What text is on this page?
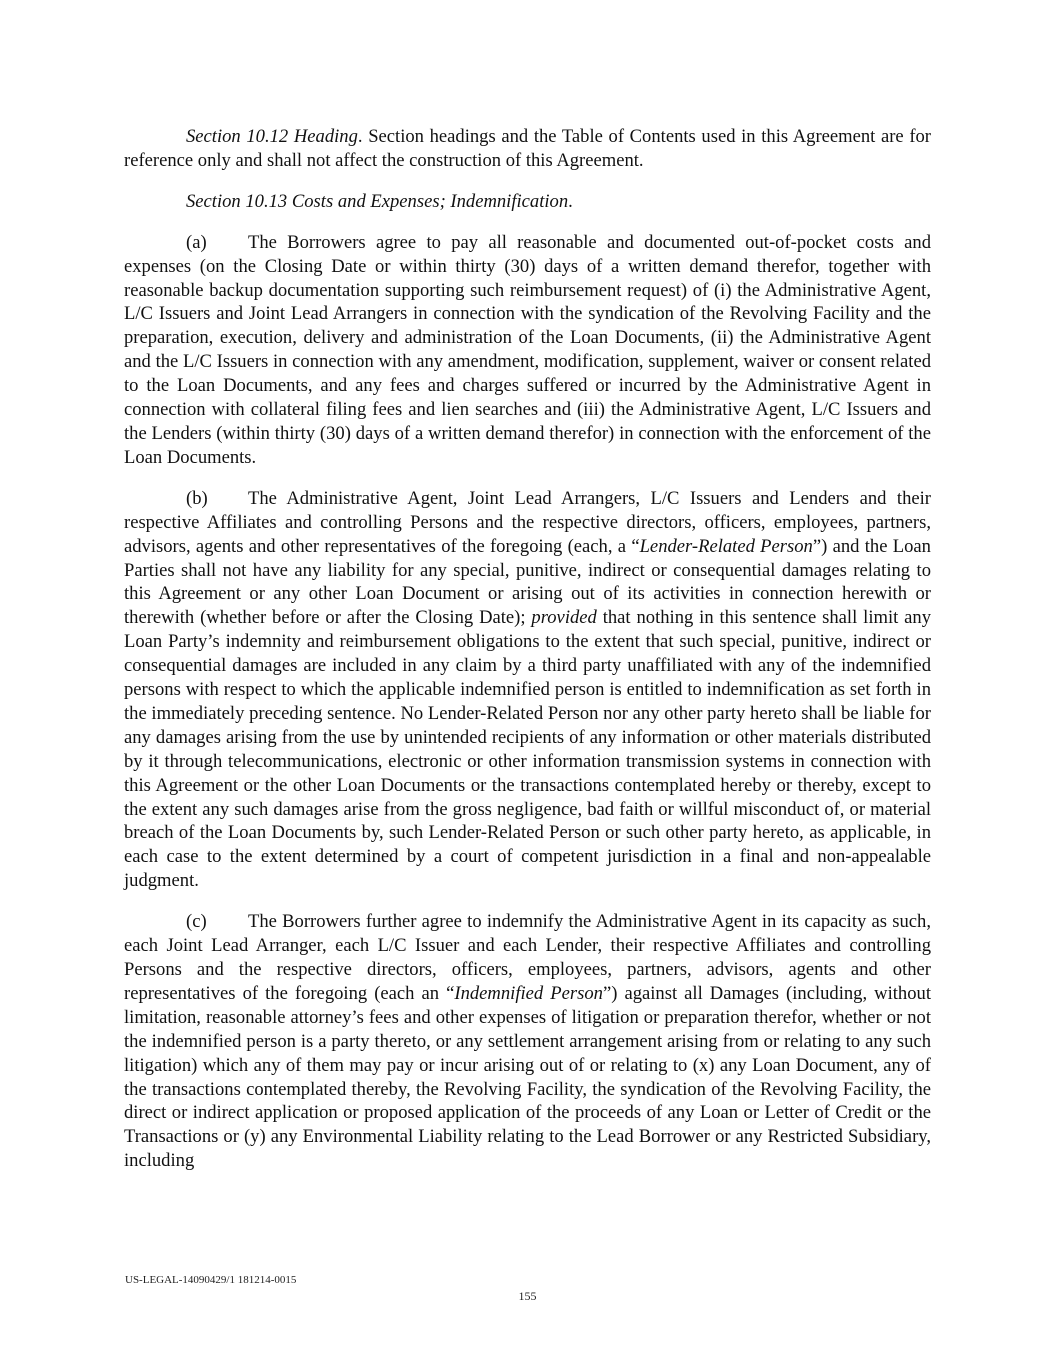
Section 10.12 Heading. Section headings and the Table of Contents used in this Agreement are for reference only and shall not affect the construction of this Agreement.

Section 10.13 Costs and Expenses; Indemnification.

(a) The Borrowers agree to pay all reasonable and documented out-of-pocket costs and expenses (on the Closing Date or within thirty (30) days of a written demand therefor, together with reasonable backup documentation supporting such reimbursement request) of (i) the Administrative Agent, L/C Issuers and Joint Lead Arrangers in connection with the syndication of the Revolving Facility and the preparation, execution, delivery and administration of the Loan Documents, (ii) the Administrative Agent and the L/C Issuers in connection with any amendment, modification, supplement, waiver or consent related to the Loan Documents, and any fees and charges suffered or incurred by the Administrative Agent in connection with collateral filing fees and lien searches and (iii) the Administrative Agent, L/C Issuers and the Lenders (within thirty (30) days of a written demand therefor) in connection with the enforcement of the Loan Documents.

(b) The Administrative Agent, Joint Lead Arrangers, L/C Issuers and Lenders and their respective Affiliates and controlling Persons and the respective directors, officers, employees, partners, advisors, agents and other representatives of the foregoing (each, a “Lender-Related Person”) and the Loan Parties shall not have any liability for any special, punitive, indirect or consequential damages relating to this Agreement or any other Loan Document or arising out of its activities in connection herewith or therewith (whether before or after the Closing Date); provided that nothing in this sentence shall limit any Loan Party’s indemnity and reimbursement obligations to the extent that such special, punitive, indirect or consequential damages are included in any claim by a third party unaffiliated with any of the indemnified persons with respect to which the applicable indemnified person is entitled to indemnification as set forth in the immediately preceding sentence. No Lender-Related Person nor any other party hereto shall be liable for any damages arising from the use by unintended recipients of any information or other materials distributed by it through telecommunications, electronic or other information transmission systems in connection with this Agreement or the other Loan Documents or the transactions contemplated hereby or thereby, except to the extent any such damages arise from the gross negligence, bad faith or willful misconduct of, or material breach of the Loan Documents by, such Lender-Related Person or such other party hereto, as applicable, in each case to the extent determined by a court of competent jurisdiction in a final and non-appealable judgment.

(c) The Borrowers further agree to indemnify the Administrative Agent in its capacity as such, each Joint Lead Arranger, each L/C Issuer and each Lender, their respective Affiliates and controlling Persons and the respective directors, officers, employees, partners, advisors, agents and other representatives of the foregoing (each an “Indemnified Person”) against all Damages (including, without limitation, reasonable attorney’s fees and other expenses of litigation or preparation therefor, whether or not the indemnified person is a party thereto, or any settlement arrangement arising from or relating to any such litigation) which any of them may pay or incur arising out of or relating to (x) any Loan Document, any of the transactions contemplated thereby, the Revolving Facility, the syndication of the Revolving Facility, the direct or indirect application or proposed application of the proceeds of any Loan or Letter of Credit or the Transactions or (y) any Environmental Liability relating to the Lead Borrower or any Restricted Subsidiary, including

US-LEGAL-14090429/1 181214-0015
155
